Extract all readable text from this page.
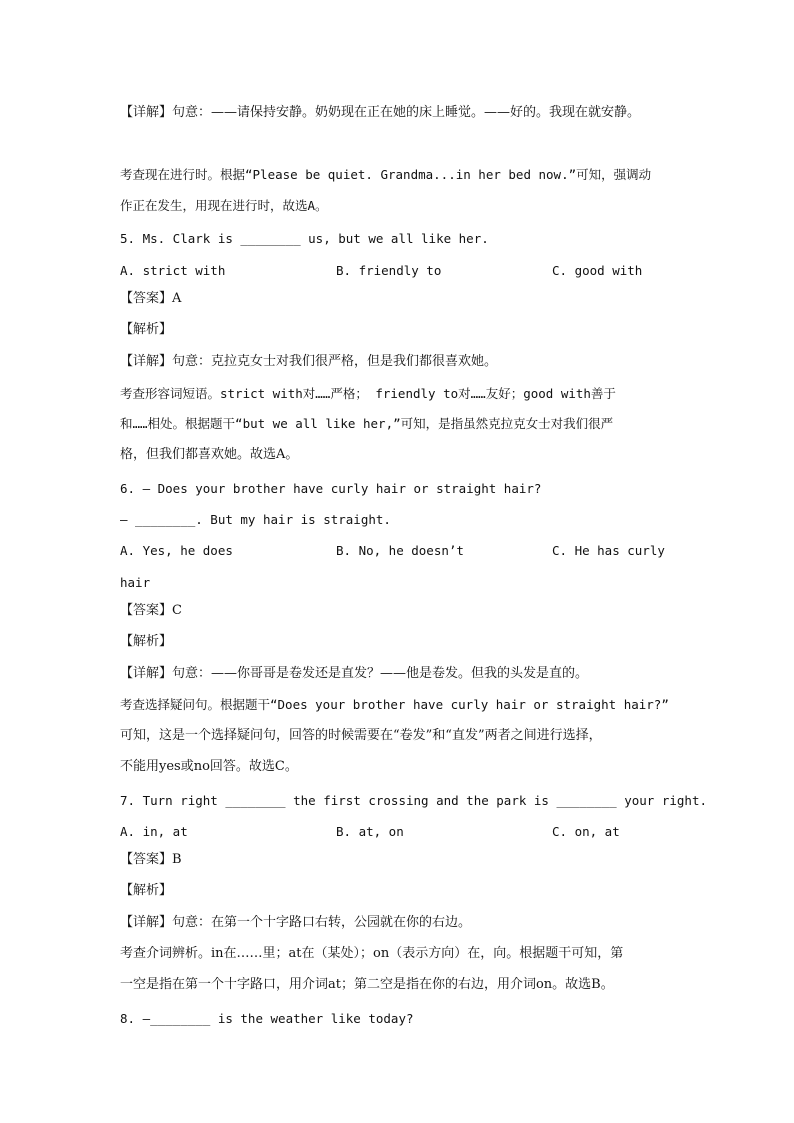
【详解】句意：——请保持安静。奶奶现在正在她的床上睡觉。——好的。我现在就安静。
考查现在进行时。根据“Please be quiet. Grandma...in her bed now.”可知，强调动
作正在发生，用现在进行时，故选A。
5. Ms. Clark is ________ us, but we all like her.
A. strict with	B. friendly to	C. good with
【答案】A
【解析】
【详解】句意：克拉克女士对我们很严格，但是我们都很喜欢她。
考查形容词短语。strict with对……严格； friendly to对……友好；good with善于
和……相处。根据题干“but we all like her,”可知，是指虽然克拉克女士对我们很严
格，但我们都喜欢她。故选A。
6. — Does your brother have curly hair or straight hair?
— ________. But my hair is straight.
A. Yes, he does	B. No, he doesn’t	C. He has curly
hair
【答案】C
【解析】
【详解】句意：——你哥哥是卷发还是直发？——他是卷发。但我的头发是直的。
考查选择疑问句。根据题干“Does your brother have curly hair or straight hair?”
可知，这是一个选择疑问句，回答的时候需要在“卷发”和“直发”两者之间进行选择，
不能用yes或no回答。故选C。
7. Turn right ________ the first crossing and the park is ________ your right.
A. in, at	B. at, on	C. on, at
【答案】B
【解析】
【详解】句意：在第一个十字路口右转，公园就在你的右边。
考查介词辨析。in在……里；at在（某处）；on（表示方向）在，向。根据题干可知，第
一空是指在第一个十字路口，用介词at；第二空是指在你的右边，用介词on。故选B。
8. —________ is the weather like today?
